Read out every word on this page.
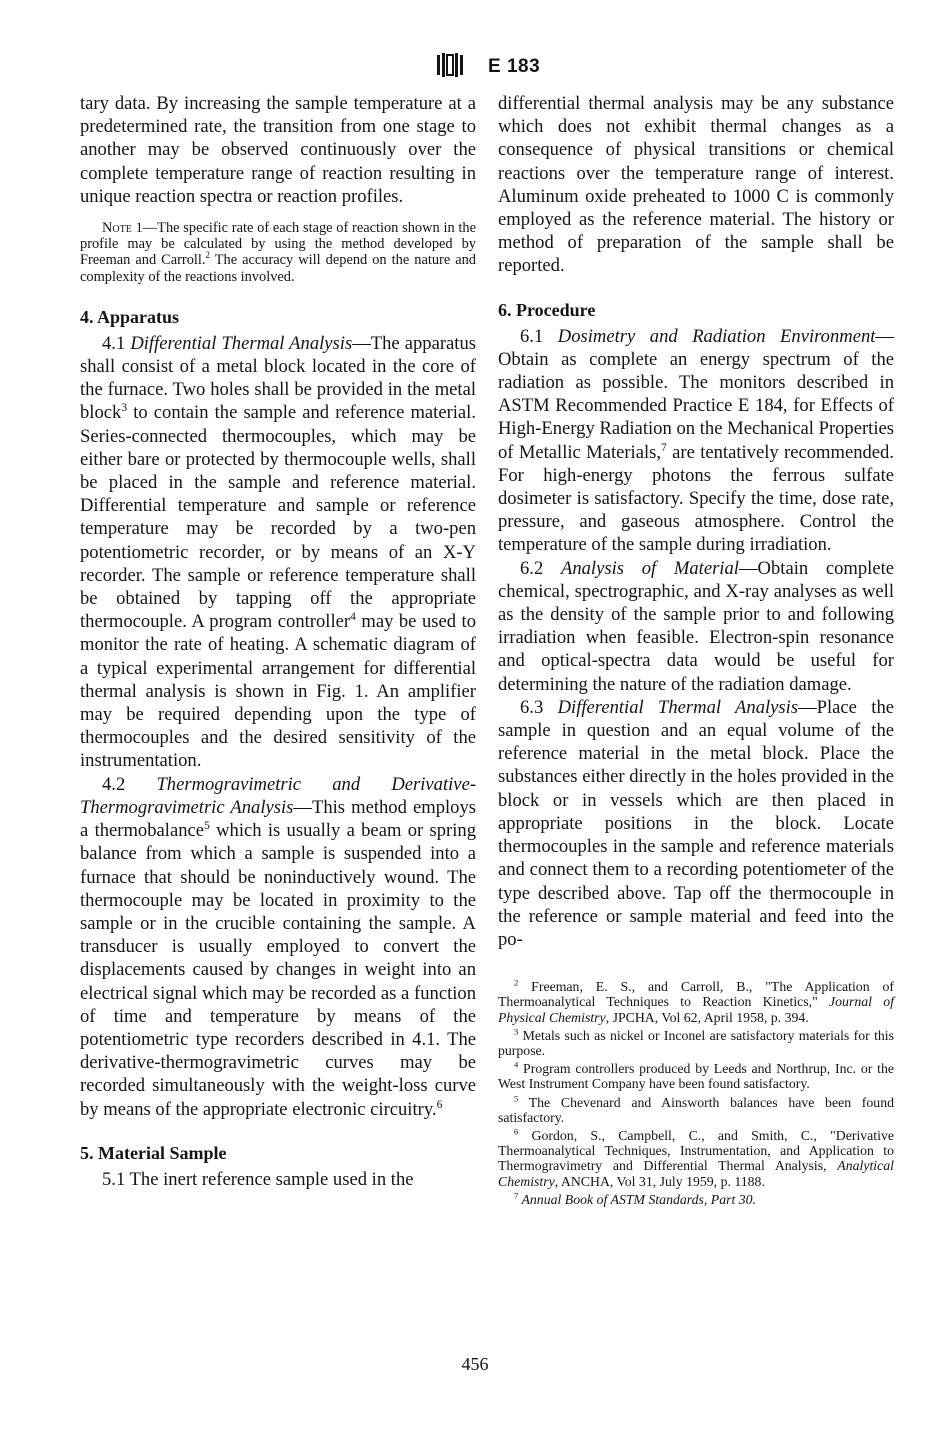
E 183

tary data. By increasing the sample temperature at a predetermined rate, the transition from one stage to another may be observed continuously over the complete temperature range of reaction resulting in unique reaction spectra or reaction profiles.

Note 1—The specific rate of each stage of reaction shown in the profile may be calculated by using the method developed by Freeman and Carroll.$^2$ The accuracy will depend on the nature and complexity of the reactions involved.

4. Apparatus

4.1 Differential Thermal Analysis—The apparatus shall consist of a metal block located in the core of the furnace. Two holes shall be provided in the metal block$^3$ to contain the sample and reference material. Series-connected thermocouples, which may be either bare or protected by thermocouple wells, shall be placed in the sample and reference material. Differential temperature and sample or reference temperature may be recorded by a two-pen potentiometric recorder, or by means of an X-Y recorder. The sample or reference temperature shall be obtained by tapping off the appropriate thermocouple. A program controller$^4$ may be used to monitor the rate of heating. A schematic diagram of a typical experimental arrangement for differential thermal analysis is shown in Fig. 1. An amplifier may be required depending upon the type of thermocouples and the desired sensitivity of the instrumentation.

4.2 Thermogravimetric and Derivative-Thermogravimetric Analysis—This method employs a thermobalance$^5$ which is usually a beam or spring balance from which a sample is suspended into a furnace that should be noninductively wound. The thermocouple may be located in proximity to the sample or in the crucible containing the sample. A transducer is usually employed to convert the displacements caused by changes in weight into an electrical signal which may be recorded as a function of time and temperature by means of the potentiometric type recorders described in 4.1. The derivative-thermogravimetric curves may be recorded simultaneously with the weight-loss curve by means of the appropriate electronic circuitry.$^6$

5. Material Sample

5.1 The inert reference sample used in the

differential thermal analysis may be any substance which does not exhibit thermal changes as a consequence of physical transitions or chemical reactions over the temperature range of interest. Aluminum oxide preheated to 1000 C is commonly employed as the reference material. The history or method of preparation of the sample shall be reported.

6. Procedure

6.1 Dosimetry and Radiation Environment—Obtain as complete an energy spectrum of the radiation as possible. The monitors described in ASTM Recommended Practice E 184, for Effects of High-Energy Radiation on the Mechanical Properties of Metallic Materials,$^7$ are tentatively recommended. For high-energy photons the ferrous sulfate dosimeter is satisfactory. Specify the time, dose rate, pressure, and gaseous atmosphere. Control the temperature of the sample during irradiation.

6.2 Analysis of Material—Obtain complete chemical, spectrographic, and X-ray analyses as well as the density of the sample prior to and following irradiation when feasible. Electron-spin resonance and optical-spectra data would be useful for determining the nature of the radiation damage.

6.3 Differential Thermal Analysis—Place the sample in question and an equal volume of the reference material in the metal block. Place the substances either directly in the holes provided in the block or in vessels which are then placed in appropriate positions in the block. Locate thermocouples in the sample and reference materials and connect them to a recording potentiometer of the type described above. Tap off the thermocouple in the reference or sample material and feed into the po-

$^2$ Freeman, E. S., and Carroll, B., "The Application of Thermoanalytical Techniques to Reaction Kinetics," Journal of Physical Chemistry, JPCHA, Vol 62, April 1958, p. 394.

$^3$ Metals such as nickel or Inconel are satisfactory materials for this purpose.

$^4$ Program controllers produced by Leeds and Northrup, Inc. or the West Instrument Company have been found satisfactory.

$^5$ The Chevenard and Ainsworth balances have been found satisfactory.

$^6$ Gordon, S., Campbell, C., and Smith, C., "Derivative Thermoanalytical Techniques, Instrumentation, and Application to Thermogravimetry and Differential Thermal Analysis, Analytical Chemistry, ANCHA, Vol 31, July 1959, p. 1188.

$^7$ Annual Book of ASTM Standards, Part 30.

456
